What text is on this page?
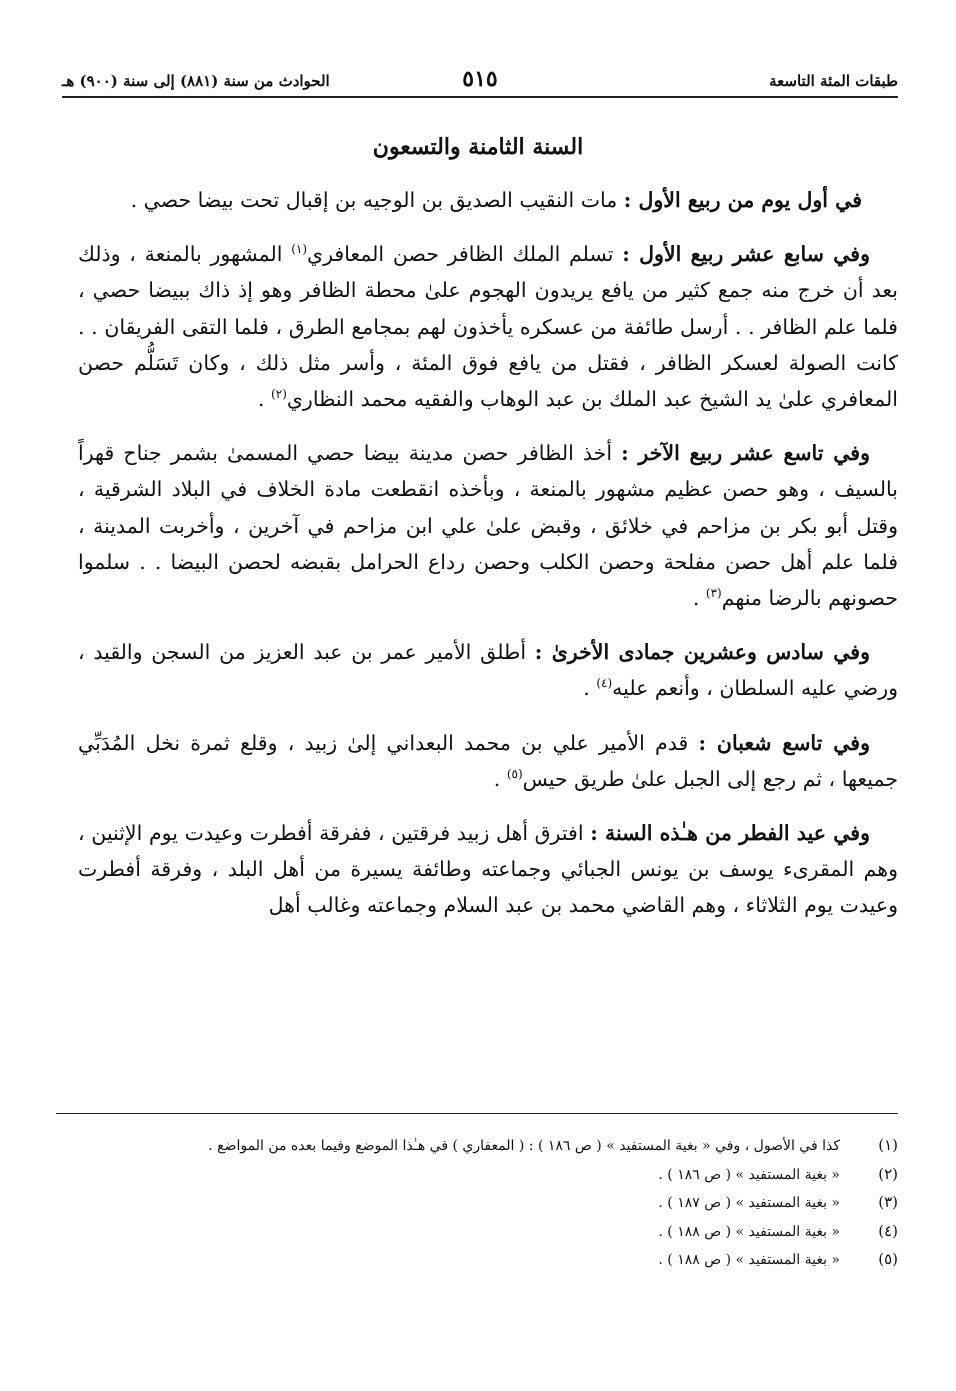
طبقات المئة التاسعة
٥١٥
الحوادث من سنة (٨٨١) إلى سنة (٩٠٠) هـ
السنة الثامنة والتسعون

في أول يوم من ربيع الأول : مات النقيب الصديق بن الوجيه بن إقبال تحت بيضا حصي .

وفي سابع عشر ربيع الأول : تسلم الملك الظافر حصن المعافري$^{(١)}$ المشهور بالمنعة ، وذلك بعد أن خرج منه جمع كثير من يافع يريدون الهجوم علىٰ محطة الظافر وهو إذ ذاك ببيضا حصي ، فلما علم الظافر . . أرسل طائفة من عسكره يأخذون لهم بمجامع الطرق ، فلما التقى الفريقان . . كانت الصولة لعسكر الظافر ، فقتل من يافع فوق المئة ، وأسر مثل ذلك ، وكان تَسَلُّم حصن المعافري علىٰ يد الشيخ عبد الملك بن عبد الوهاب والفقيه محمد النظاري$^{(٢)}$ .

وفي تاسع عشر ربيع الآخر : أخذ الظافر حصن مدينة بيضا حصي المسمىٰ بشمر جناح قهراً بالسيف ، وهو حصن عظيم مشهور بالمنعة ، وبأخذه انقطعت مادة الخلاف في البلاد الشرقية ، وقتل أبو بكر بن مزاحم في خلائق ، وقبض علىٰ علي ابن مزاحم في آخرين ، وأخربت المدينة ، فلما علم أهل حصن مفلحة وحصن الكلب وحصن رداع الحرامل بقبضه لحصن البيضا . . سلموا حصونهم بالرضا منهم$^{(٣)}$ .

وفي سادس وعشرين جمادى الأخرىٰ : أطلق الأمير عمر بن عبد العزيز من السجن والقيد ، ورضي عليه السلطان ، وأنعم عليه$^{(٤)}$ .

وفي تاسع شعبان : قدم الأمير علي بن محمد البعداني إلىٰ زبيد ، وقلع ثمرة نخل المُدَبِّي جميعها ، ثم رجع إلى الجبل علىٰ طريق حيس$^{(٥)}$ .

وفي عيد الفطر من هـٰذه السنة : افترق أهل زبيد فرقتين ، ففرقة أفطرت وعيدت يوم الإثنين ، وهم المقرىء يوسف بن يونس الجبائي وجماعته وطائفة يسيرة من أهل البلد ، وفرقة أفطرت وعيدت يوم الثلاثاء ، وهم القاضي محمد بن عبد السلام وجماعته وغالب أهل

(١)
كذا في الأصول ، وفي « بغية المستفيد » ( ص ١٨٦ ) : ( المعفاري ) في هـٰذا الموضع وفيما بعده من المواضع .
(٢)
« بغية المستفيد » ( ص ١٨٦ ) .
(٣)
« بغية المستفيد » ( ص ١٨٧ ) .
(٤)
« بغية المستفيد » ( ص ١٨٨ ) .
(٥)
« بغية المستفيد » ( ص ١٨٨ ) .
